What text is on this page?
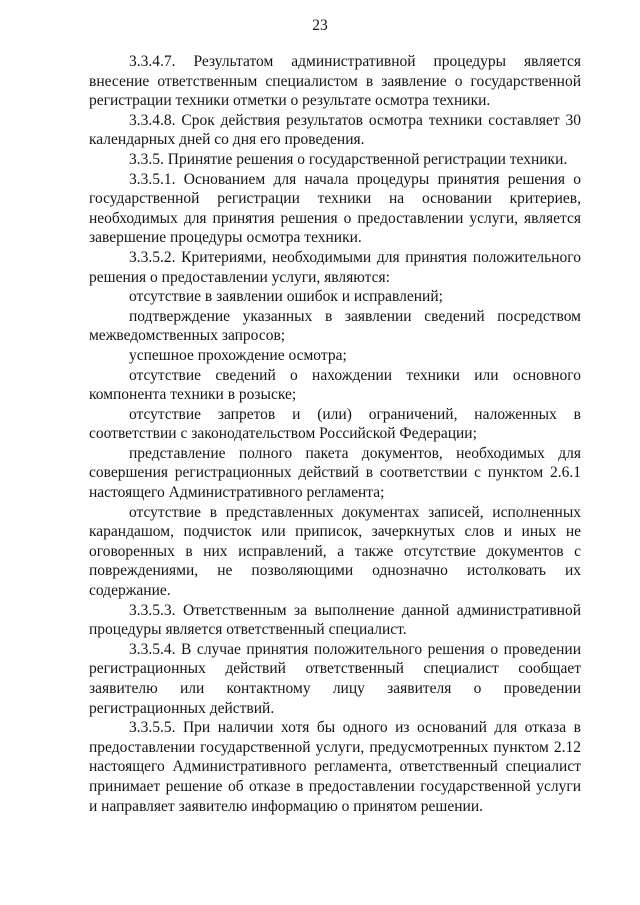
23

3.3.4.7. Результатом административной процедуры является внесение ответственным специалистом в заявление о государственной регистрации техники отметки о результате осмотра техники.

3.3.4.8. Срок действия результатов осмотра техники составляет 30 календарных дней со дня его проведения.

3.3.5. Принятие решения о государственной регистрации техники.

3.3.5.1. Основанием для начала процедуры принятия решения о государственной регистрации техники на основании критериев, необходимых для принятия решения о предоставлении услуги, является завершение процедуры осмотра техники.

3.3.5.2. Критериями, необходимыми для принятия положительного решения о предоставлении услуги, являются:

отсутствие в заявлении ошибок и исправлений;

подтверждение указанных в заявлении сведений посредством межведомственных запросов;

успешное прохождение осмотра;

отсутствие сведений о нахождении техники или основного компонента техники в розыске;

отсутствие запретов и (или) ограничений, наложенных в соответствии с законодательством Российской Федерации;

представление полного пакета документов, необходимых для совершения регистрационных действий в соответствии с пунктом 2.6.1 настоящего Административного регламента;

отсутствие в представленных документах записей, исполненных карандашом, подчисток или приписок, зачеркнутых слов и иных не оговоренных в них исправлений, а также отсутствие документов с повреждениями, не позволяющими однозначно истолковать их содержание.

3.3.5.3. Ответственным за выполнение данной административной процедуры является ответственный специалист.

3.3.5.4. В случае принятия положительного решения о проведении регистрационных действий ответственный специалист сообщает заявителю или контактному лицу заявителя о проведении регистрационных действий.

3.3.5.5. При наличии хотя бы одного из оснований для отказа в предоставлении государственной услуги, предусмотренных пунктом 2.12 настоящего Административного регламента, ответственный специалист принимает решение об отказе в предоставлении государственной услуги и направляет заявителю информацию о принятом решении.
